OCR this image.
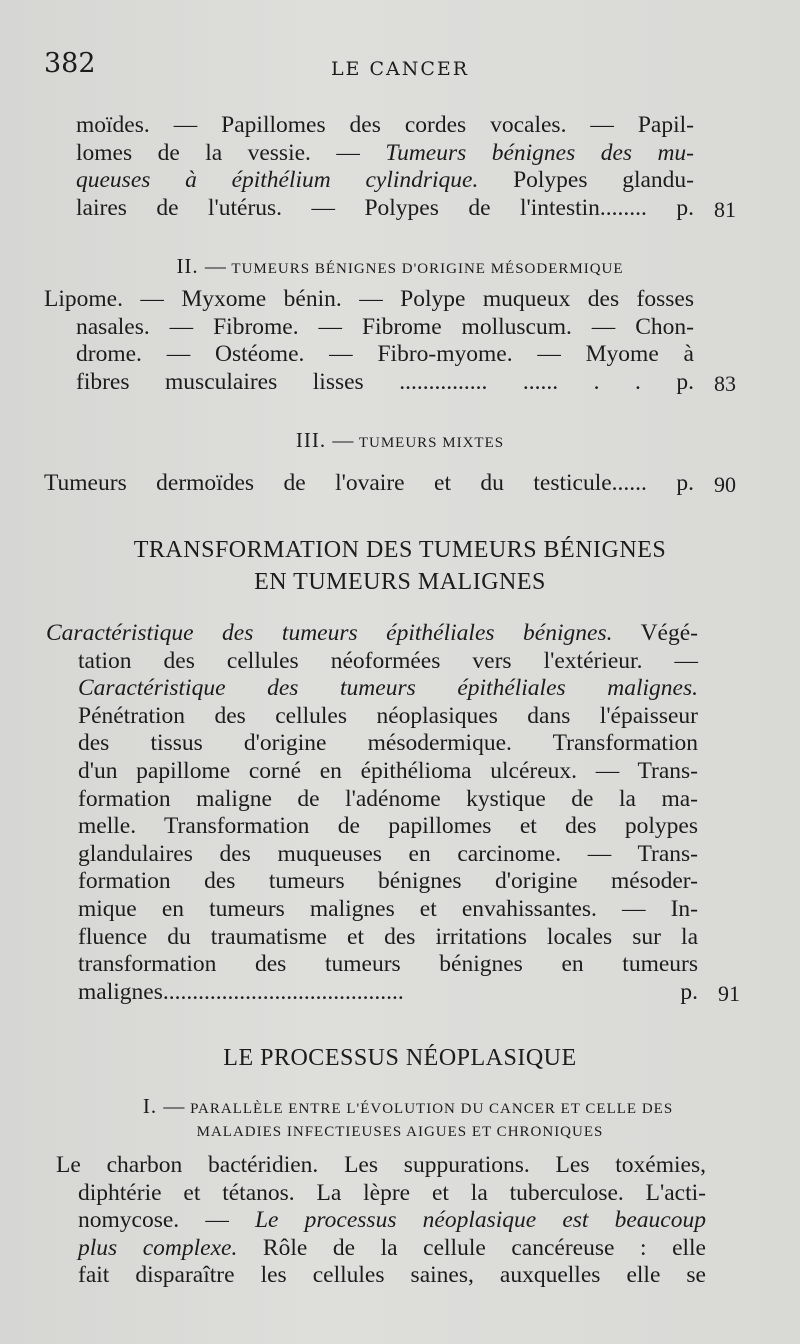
382	LE CANCER
moïdes. — Papillomes des cordes vocales. — Papil-
lomes de la vessie. — Tumeurs bénignes des mu-
queuses à épithélium cylindrique. Polypes glandu-
laires de l'utérus. — Polypes de l'intestin........ p. 81
II. — TUMEURS BÉNIGNES D'ORIGINE MÉSODERMIQUE
Lipome. — Myxome bénin. — Polype muqueux des fosses
nasales. — Fibrome. — Fibrome molluscum. — Chon-
drome. — Ostéome. — Fibro-myome. — Myome à
fibres musculaires lisses ............... ...... . . p. 83
III. — TUMEURS MIXTES
Tumeurs dermoïdes de l'ovaire et du testicule...... p. 90
TRANSFORMATION DES TUMEURS BÉNIGNES
EN TUMEURS MALIGNES
Caractéristique des tumeurs épithéliales bénignes. Végé-
tation des cellules néoformées vers l'extérieur. —
Caractéristique des tumeurs épithéliales malignes.
Pénétration des cellules néoplasiques dans l'épaisseur
des tissus d'origine mésodermique. Transformation
d'un papillome corné en épithélioma ulcéreux. — Trans-
formation maligne de l'adénome kystique de la ma-
melle. Transformation de papillomes et des polypes
glandulaires des muqueuses en carcinome. — Trans-
formation des tumeurs bénignes d'origine mésoder-
mique en tumeurs malignes et envahissantes. — In-
fluence du traumatisme et des irritations locales sur la
transformation des tumeurs bénignes en tumeurs
malignes......................................... p. 91
LE PROCESSUS NÉOPLASIQUE
I. — PARALLÈLE ENTRE L'ÉVOLUTION DU CANCER ET CELLE DES
MALADIES INFECTIEUSES AIGUES ET CHRONIQUES
Le charbon bactéridien. Les suppurations. Les toxémies,
diphtérie et tétanos. La lèpre et la tuberculose. L'acti-
nomycose. — Le processus néoplasique est beaucoup
plus complexe. Rôle de la cellule cancéreuse : elle
fait disparaître les cellules saines, auxquelles elle se
